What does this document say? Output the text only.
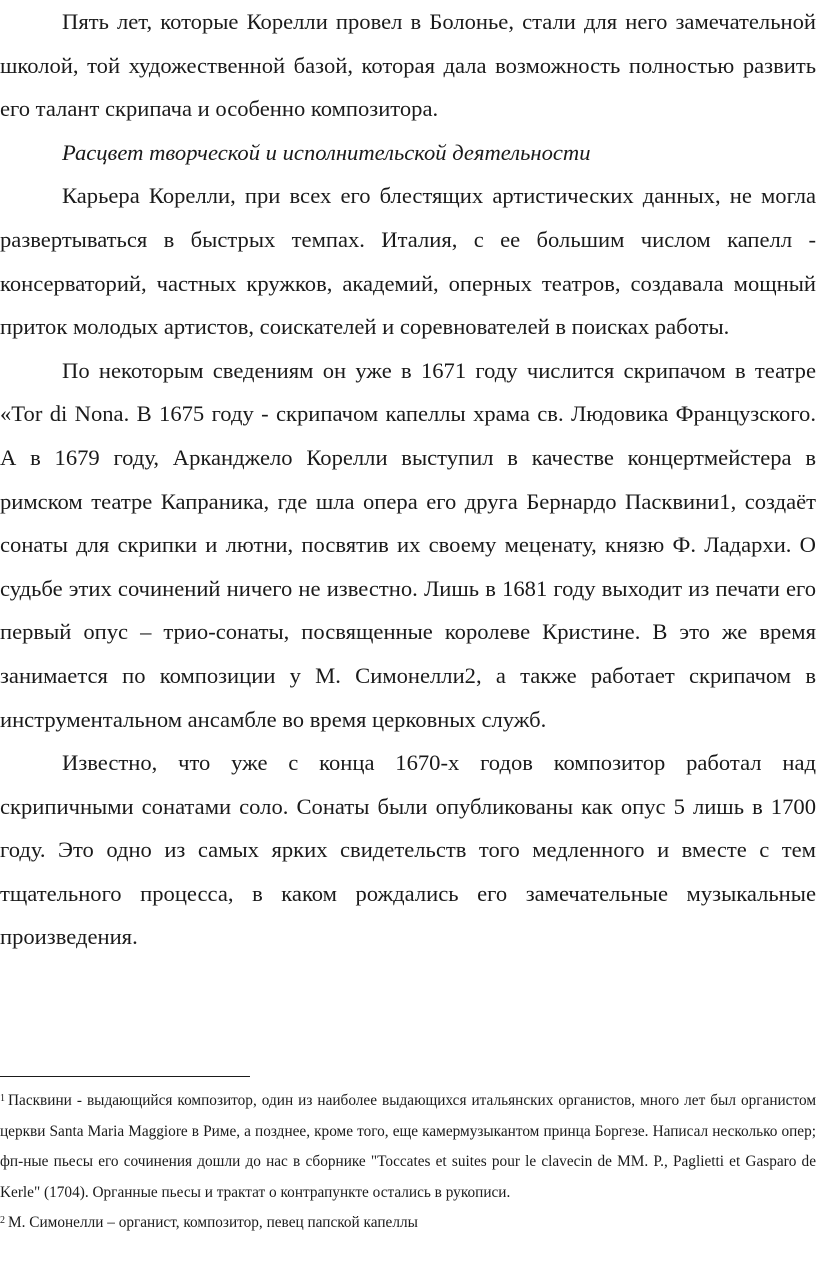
Пять лет, которые Корелли провел в Болонье, стали для него замечательной школой, той художественной базой, которая дала возможность полностью развить его талант скрипача и особенно композитора.

Расцвет творческой и исполнительской деятельности

Карьера Корелли, при всех его блестящих артистических данных, не могла развертываться в быстрых темпах. Италия, с ее большим числом капелл - консерваторий, частных кружков, академий, оперных театров, создавала мощный приток молодых артистов, соискателей и соревнователей в поисках работы.

По некоторым сведениям он уже в 1671 году числится скрипачом в театре «Tor di Nona. В 1675 году - скрипачом капеллы храма св. Людовика Французского. А в 1679 году, Арканджело Корелли выступил в качестве концертмейстера в римском театре Капраника, где шла опера его друга Бернардо Пасквини1, создаёт сонаты для скрипки и лютни, посвятив их своему меценату, князю Ф. Ладархи. О судьбе этих сочинений ничего не известно. Лишь в 1681 году выходит из печати его первый опус – трио-сонаты, посвященные королеве Кристине. В это же время занимается по композиции у М. Симонелли2, а также работает скрипачом в инструментальном ансамбле во время церковных служб.

Известно, что уже с конца 1670-х годов композитор работал над скрипичными сонатами соло. Сонаты были опубликованы как опус 5 лишь в 1700 году. Это одно из самых ярких свидетельств того медленного и вместе с тем тщательного процесса, в каком рождались его замечательные музыкальные произведения.

$^1$ Пасквини - выдающийся композитор, один из наиболее выдающихся итальянских органистов, много лет был органистом церкви Santa Maria Maggiore в Риме, а позднее, кроме того, еще камермузыкантом принца Боргезе. Написал несколько опер; фп-ные пьесы его сочинения дошли до нас в сборнике "Toccates et suites pour le clavecin de MM. P., Paglietti et Gasparo de Kerle" (1704). Органные пьесы и трактат о контрапункте остались в рукописи.

$^2$ М. Симонелли – органист, композитор, певец папской капеллы
